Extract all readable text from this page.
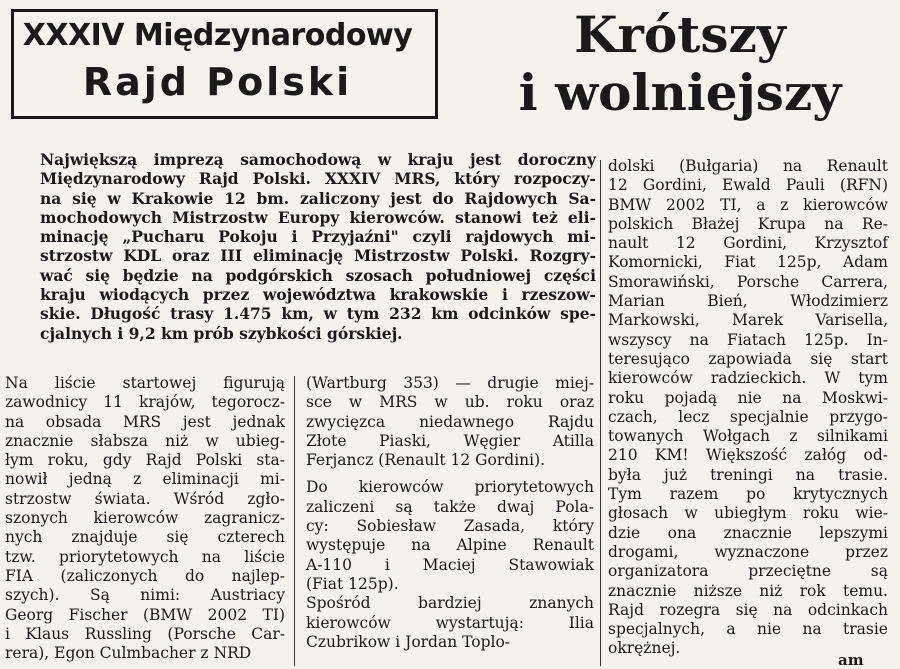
XXXIV Międzynarodowy
Rajd Polski
Krótszy
i wolniejszy
Największą imprezą samochodową w kraju jest doroczny
Międzynarodowy Rajd Polski. XXXIV MRS, który rozpoczy-
na się w Krakowie 12 bm. zaliczony jest do Rajdowych Sa-
mochodowych Mistrzostw Europy kierowców. stanowi też eli-
minację „Pucharu Pokoju i Przyjaźni" czyli rajdowych mi-
strzostw KDL oraz III eliminację Mistrzostw Polski. Rozgry-
wać się będzie na podgórskich szosach południowej części
kraju wiodących przez województwa krakowskie i rzeszow-
skie. Długość trasy 1.475 km, w tym 232 km odcinków spe-
cjalnych i 9,2 km prób szybkości górskiej.
Na liście startowej figurują
zawodnicy 11 krajów, tegorocz-
na obsada MRS jest jednak
znacznie słabsza niż w ubieg-
łym roku, gdy Rajd Polski sta-
nowił jedną z eliminacji mi-
strzostw świata. Wśród zgło-
szonych kierowców zagranicz-
nych znajduje się czterech
tzw. priorytetowych na liście
FIA (zaliczonych do najlep-
szych). Są nimi: Austriacy
Georg Fischer (BMW 2002 TI)
i Klaus Russling (Porsche Car-
rera), Egon Culmbacher z NRD
(Wartburg 353) — drugie miej-
sce w MRS w ub. roku oraz
zwycięzca niedawnego Rajdu
Złote Piaski, Węgier Atilla
Ferjancz (Renault 12 Gordini).
Do kierowców priorytetowych
zaliczeni są także dwaj Pola-
cy: Sobiesław Zasada, który
występuje na Alpine Renault
A-110 i Maciej Stawowiak
(Fiat 125p).
Spośród bardziej znanych
kierowców wystartują: Ilia
Czubrikow i Jordan Toplo-
dolski (Bułgaria) na Renault
12 Gordini, Ewald Pauli (RFN)
BMW 2002 TI, a z kierowców
polskich Błażej Krupa na Re-
nault 12 Gordini, Krzysztof
Komornicki, Fiat 125p, Adam
Smorawiński, Porsche Carrera,
Marian Bień, Włodzimierz
Markowski, Marek Varisella,
wszyscy na Fiatach 125p. In-
teresująco zapowiada się start
kierowców radzieckich. W tym
roku pojadą nie na Moskwi-
czach, lecz specjalnie przygo-
towanych Wołgach z silnikami
210 KM! Większość załóg od-
była już treningi na trasie.
Tym razem po krytycznych
głosach w ubiegłym roku wie-
dzie ona znacznie lepszymi
drogami, wyznaczone przez
organizatora przeciętne są
znacznie niższe niż rok temu.
Rajd rozegra się na odcinkach
specjalnych, a nie na trasie
okrężnej.
am
